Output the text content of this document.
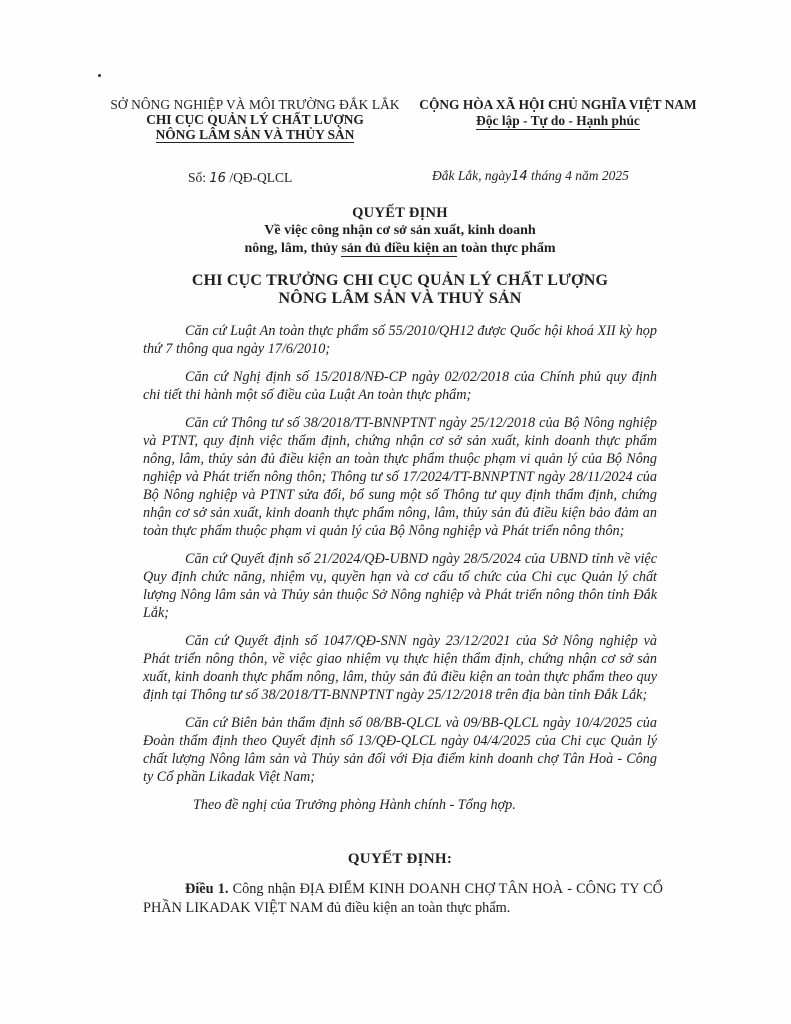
SỞ NÔNG NGHIỆP VÀ MÔI TRƯỜNG ĐẮK LẮK
CHI CỤC QUẢN LÝ CHẤT LƯỢNG
NÔNG LÂM SẢN VÀ THỦY SẢN
CỘNG HÒA XÃ HỘI CHỦ NGHĨA VIỆT NAM
Độc lập - Tự do - Hạnh phúc
Số: 16 /QĐ-QLCL	Đắk Lắk, ngày14 tháng 4 năm 2025
QUYẾT ĐỊNH
Về việc công nhận cơ sở sản xuất, kinh doanh
nông, lâm, thủy sản đủ điều kiện an toàn thực phẩm
CHI CỤC TRƯỞNG CHI CỤC QUẢN LÝ CHẤT LƯỢNG
NÔNG LÂM SẢN VÀ THUỶ SẢN

Căn cứ Luật An toàn thực phẩm số 55/2010/QH12 được Quốc hội khoá XII kỳ họp thứ 7 thông qua ngày 17/6/2010;

Căn cứ Nghị định số 15/2018/NĐ-CP ngày 02/02/2018 của Chính phủ quy định chi tiết thi hành một số điều của Luật An toàn thực phẩm;

Căn cứ Thông tư số 38/2018/TT-BNNPTNT ngày 25/12/2018 của Bộ Nông nghiệp và PTNT, quy định việc thẩm định, chứng nhận cơ sở sản xuất, kinh doanh thực phẩm nông, lâm, thủy sản đủ điều kiện an toàn thực phẩm thuộc phạm vi quản lý của Bộ Nông nghiệp và Phát triển nông thôn; Thông tư số 17/2024/TT-BNNPTNT ngày 28/11/2024 của Bộ Nông nghiệp và PTNT sửa đổi, bổ sung một số Thông tư quy định thẩm định, chứng nhận cơ sở sản xuất, kinh doanh thực phẩm nông, lâm, thủy sản đủ điều kiện bảo đảm an toàn thực phẩm thuộc phạm vi quản lý của Bộ Nông nghiệp và Phát triển nông thôn;

Căn cứ Quyết định số 21/2024/QĐ-UBND ngày 28/5/2024 của UBND tỉnh về việc Quy định chức năng, nhiệm vụ, quyền hạn và cơ cấu tổ chức của Chi cục Quản lý chất lượng Nông lâm sản và Thủy sản thuộc Sở Nông nghiệp và Phát triển nông thôn tỉnh Đắk Lắk;

Căn cứ Quyết định số 1047/QĐ-SNN ngày 23/12/2021 của Sở Nông nghiệp và Phát triển nông thôn, về việc giao nhiệm vụ thực hiện thẩm định, chứng nhận cơ sở sản xuất, kinh doanh thực phẩm nông, lâm, thủy sản đủ điều kiện an toàn thực phẩm theo quy định tại Thông tư số 38/2018/TT-BNNPTNT ngày 25/12/2018 trên địa bàn tỉnh Đắk Lắk;

Căn cứ Biên bản thẩm định số 08/BB-QLCL và 09/BB-QLCL ngày 10/4/2025 của Đoàn thẩm định theo Quyết định số 13/QĐ-QLCL ngày 04/4/2025 của Chi cục Quản lý chất lượng Nông lâm sản và Thủy sản đối với Địa điểm kinh doanh chợ Tân Hoà - Công ty Cổ phần Likadak Việt Nam;

Theo đề nghị của Trưởng phòng Hành chính - Tổng hợp.

QUYẾT ĐỊNH:

Điều 1. Công nhận ĐỊA ĐIỂM KINH DOANH CHỢ TÂN HOÀ - CÔNG TY CỔ PHẦN LIKADAK VIỆT NAM đủ điều kiện an toàn thực phẩm.
